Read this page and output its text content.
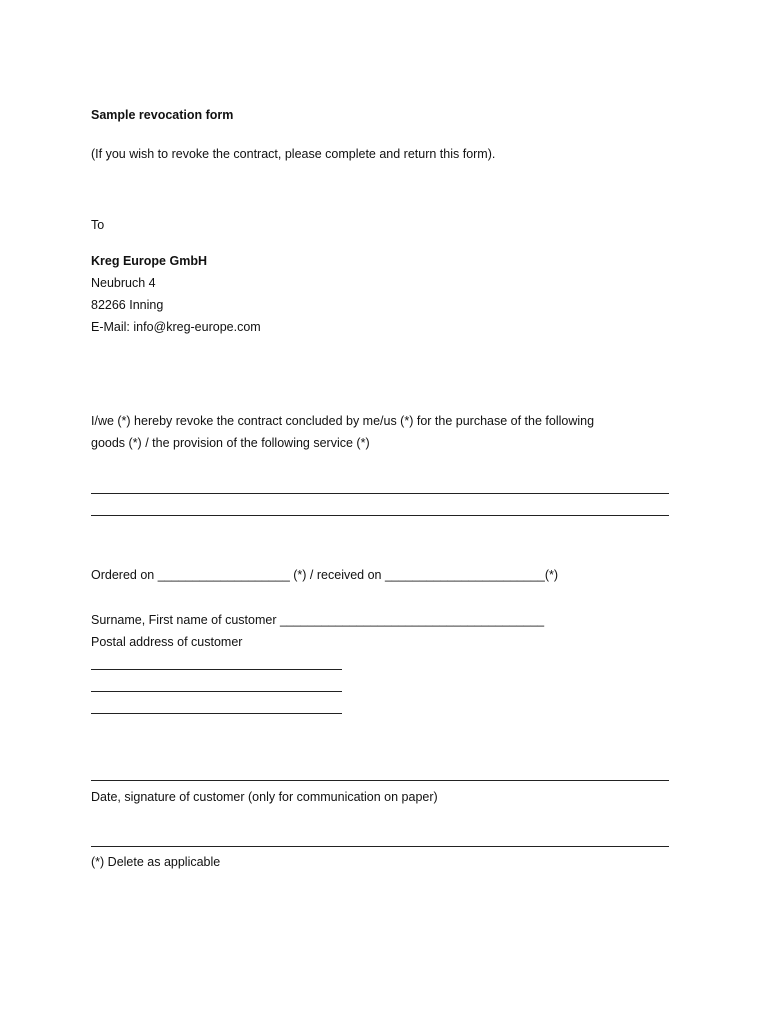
Sample revocation form
(If you wish to revoke the contract, please complete and return this form).
To
Kreg Europe GmbH
Neubruch 4
82266 Inning
E-Mail: info@kreg-europe.com
I/we (*) hereby revoke the contract concluded by me/us (*) for the purchase of the following
goods (*) / the provision of the following service (*)
Ordered on ___________________ (*) / received on _______________________(*)
Surname, First name of customer ______________________________________
Postal address of customer
Date, signature of customer (only for communication on paper)
(*) Delete as applicable
